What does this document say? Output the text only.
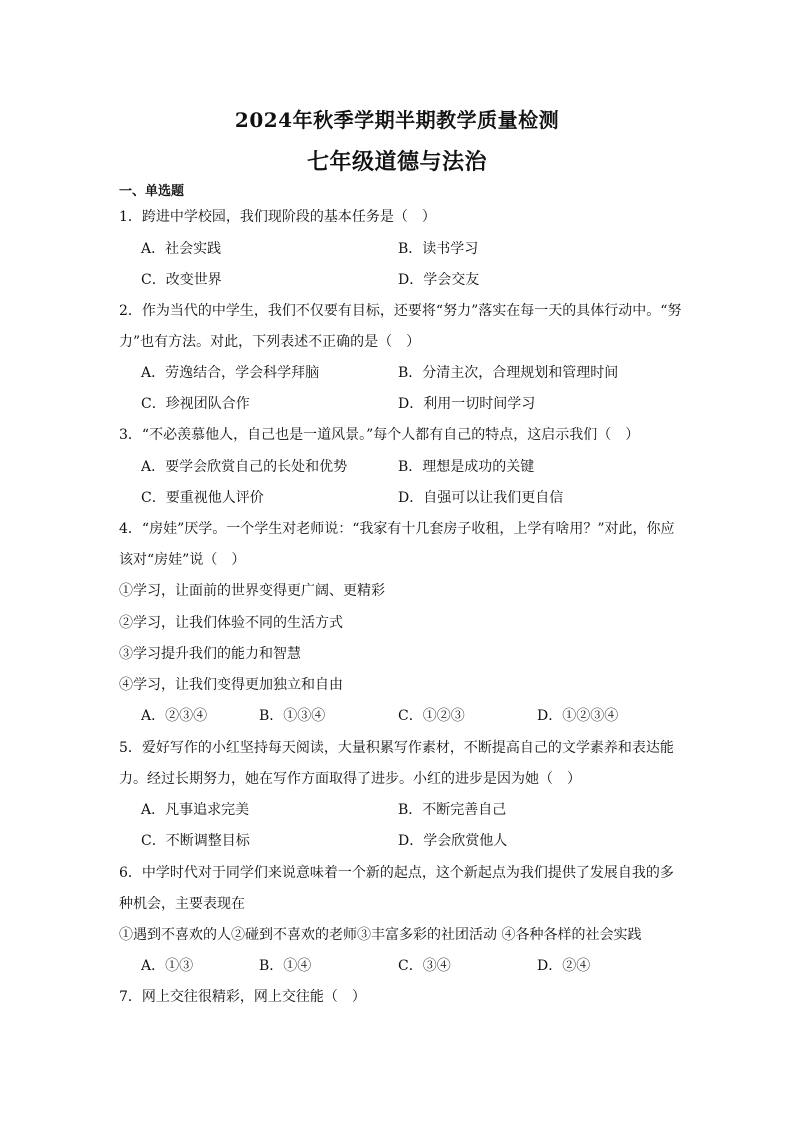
2024年秋季学期半期教学质量检测
七年级道德与法治
一、单选题
1．跨进中学校园，我们现阶段的基本任务是（　）
A．社会实践	B．读书学习
C．改变世界	D．学会交友
2．作为当代的中学生，我们不仅要有目标，还要将“努力”落实在每一天的具体行动中。“努
力”也有方法。对此，下列表述不正确的是（　）
A．劳逸结合，学会科学拜脑	B．分清主次，合理规划和管理时间
C．珍视团队合作	D．利用一切时间学习
3．“不必羡慕他人，自己也是一道风景。”每个人都有自己的特点，这启示我们（　）
A．要学会欣赏自己的长处和优势	B．理想是成功的关键
C．要重视他人评价	D．自强可以让我们更自信
4．“房娃”厌学。一个学生对老师说：“我家有十几套房子收租，上学有啥用？”对此，你应
该对“房娃”说（　）
①学习，让面前的世界变得更广阔、更精彩
②学习，让我们体验不同的生活方式
③学习提升我们的能力和智慧
④学习，让我们变得更加独立和自由
A．②③④	B．①③④	C．①②③	D．①②③④
5．爱好写作的小红坚持每天阅读，大量积累写作素材，不断提高自己的文学素养和表达能
力。经过长期努力，她在写作方面取得了进步。小红的进步是因为她（　）
A．凡事追求完美	B．不断完善自己
C．不断调整目标	D．学会欣赏他人
6．中学时代对于同学们来说意味着一个新的起点，这个新起点为我们提供了发展自我的多
种机会，主要表现在
①遇到不喜欢的人②碰到不喜欢的老师③丰富多彩的社团活动 ④各种各样的社会实践
A．①③	B．①④	C．③④	D．②④
7．网上交往很精彩，网上交往能（　）
